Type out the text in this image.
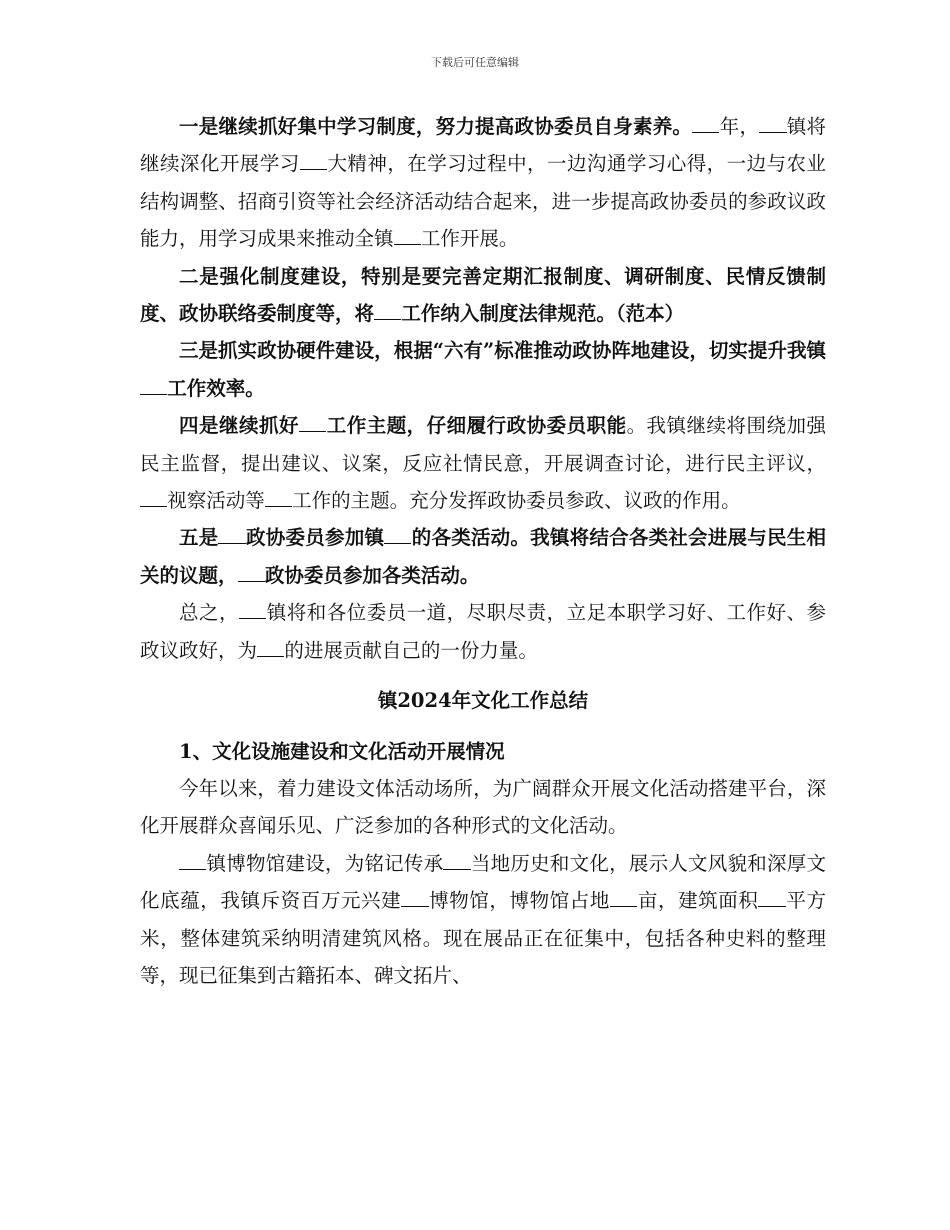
下载后可任意编辑

一是继续抓好集中学习制度，努力提高政协委员自身素养。 年， 镇将继续深化开展学习 大精神，在学习过程中，一边沟通学习心得，一边与农业结构调整、招商引资等社会经济活动结合起来，进一步提高政协委员的参政议政能力，用学习成果来推动全镇 工作开展。

二是强化制度建设，特别是要完善定期汇报制度、调研制度、民情反馈制度、政协联络委制度等，将 工作纳入制度法律规范。（范本）

三是抓实政协硬件建设，根据“六有”标准推动政协阵地建设，切实提升我镇工作效率。

四是继续抓好 工作主题，仔细履行政协委员职能。我镇继续将围绕加强民主监督，提出建议、议案，反应社情民意，开展调查讨论，进行民主评议，视察活动等 工作的主题。充分发挥政协委员参政、议政的作用。

五是 政协委员参加镇 的各类活动。我镇将结合各类社会进展与民生相关的议题， 政协委员参加各类活动。

总之， 镇将和各位委员一道，尽职尽责，立足本职学习好、工作好、参政议政好，为 的进展贡献自己的一份力量。

镇2024年文化工作总结

1、文化设施建设和文化活动开展情况

今年以来，着力建设文体活动场所，为广阔群众开展文化活动搭建平台，深化开展群众喜闻乐见、广泛参加的各种形式的文化活动。

镇博物馆建设，为铭记传承 当地历史和文化，展示人文风貌和深厚文化底蕴，我镇斥资百万元兴建 博物馆，博物馆占地 亩，建筑面积 平方米，整体建筑采纳明清建筑风格。现在展品正在征集中，包括各种史料的整理等，现已征集到古籍拓本、碑文拓片、
